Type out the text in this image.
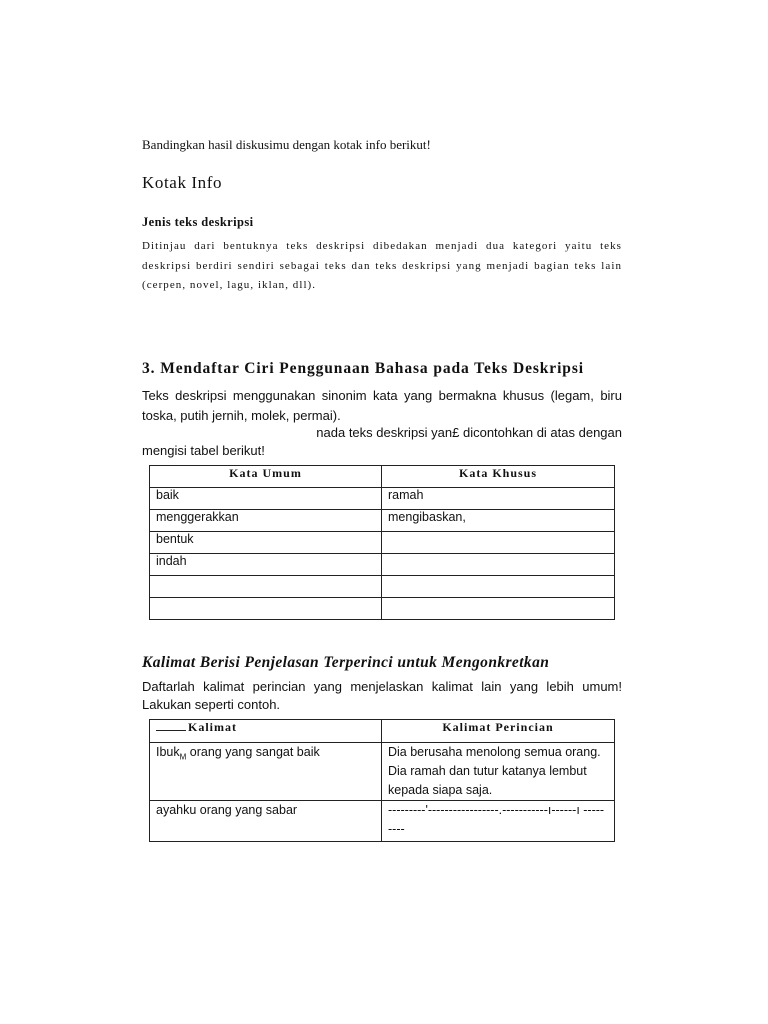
Bandingkan hasil diskusimu dengan kotak info berikut!

Kotak Info

Jenis teks deskripsi

Ditinjau dari bentuknya teks deskripsi dibedakan menjadi dua kategori yaitu teks deskripsi berdiri sendiri sebagai teks dan teks deskripsi yang menjadi bagian teks lain (cerpen, novel, lagu, iklan, dll).

3. Mendaftar Ciri Penggunaan Bahasa pada Teks Deskripsi

Teks deskripsi menggunakan sinonim kata yang bermakna khusus (legam, biru toska, putih jernih, molek, permai).

nada teks deskripsi yan£ dicontohkan di atas dengan
mengisi tabel berikut!

Kata Umum	Kata Khusus
baik	ramah
menggerakkan	mengibaskan,
bentuk	
indah	

Kalimat Berisi Penjelasan Terperinci untuk Mengonkretkan

Daftarlah kalimat perincian yang menjelaskan kalimat lain yang lebih umum!
Lakukan seperti contoh.

Kalimat	Kalimat Perincian
Ibuk$_M$ orang yang sangat baik	Dia berusaha menolong semua orang. Dia ramah dan tutur katanya lembut kepada siapa saja.
ayahku orang yang sabar	---------'-----------------.-----------ı------ı ---------
